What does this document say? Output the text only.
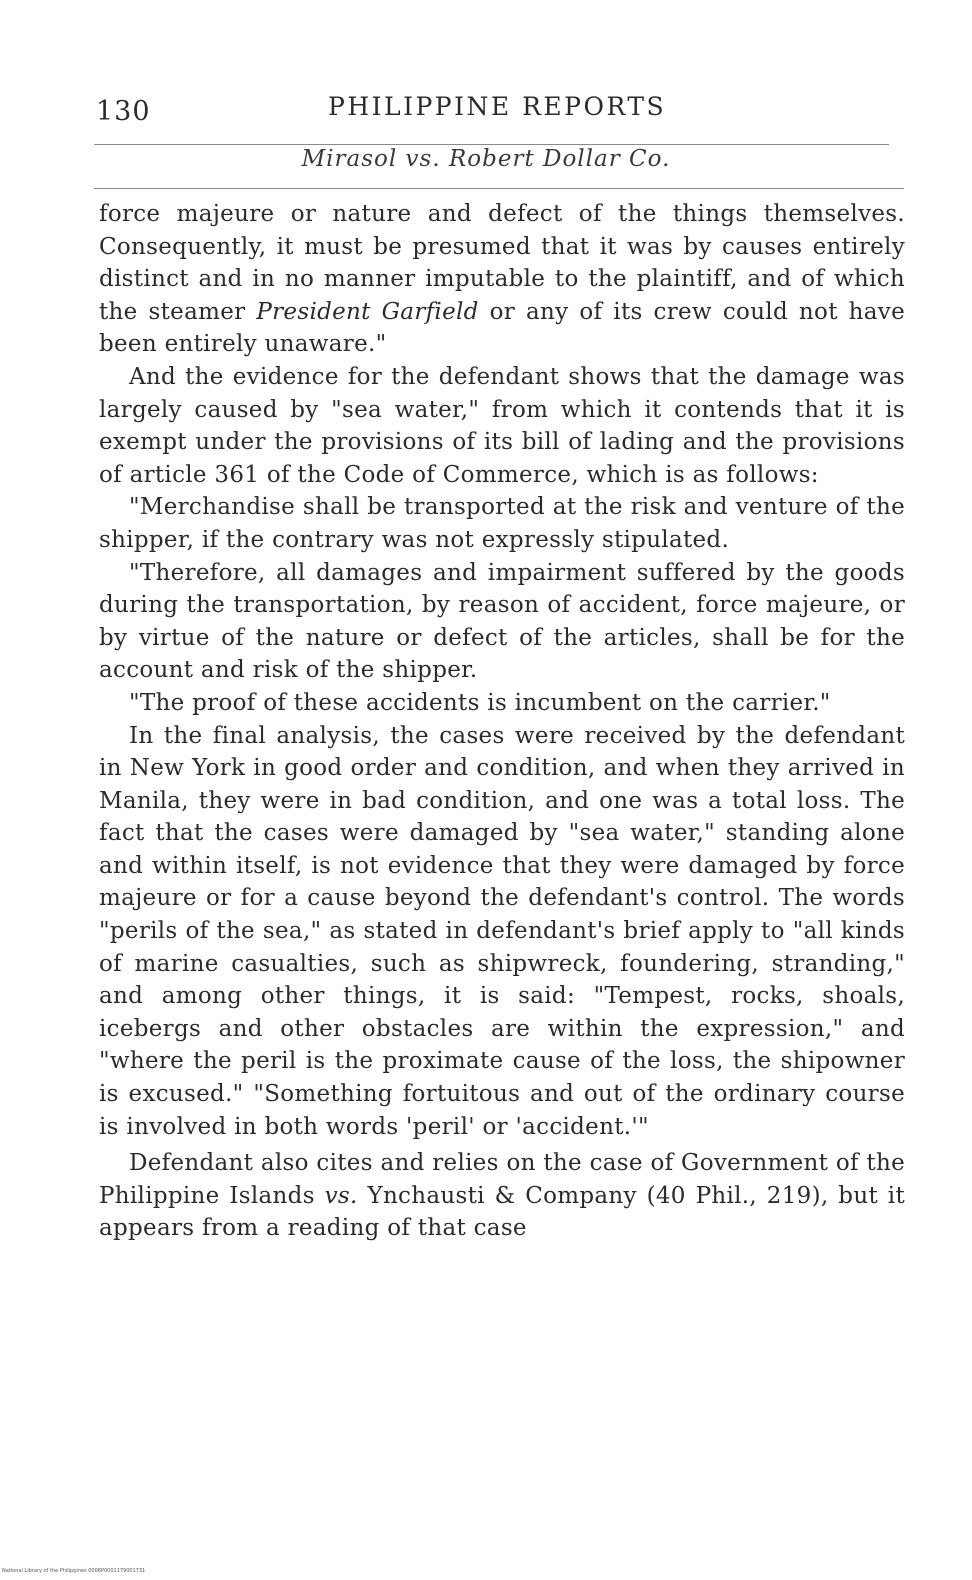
130	PHILIPPINE REPORTS
Mirasol vs. Robert Dollar Co.

force majeure or nature and defect of the things themselves. Consequently, it must be presumed that it was by causes entirely distinct and in no manner imputable to the plaintiff, and of which the steamer President Garfield or any of its crew could not have been entirely unaware."

And the evidence for the defendant shows that the damage was largely caused by "sea water," from which it contends that it is exempt under the provisions of its bill of lading and the provisions of article 361 of the Code of Commerce, which is as follows:

"Merchandise shall be transported at the risk and venture of the shipper, if the contrary was not expressly stipulated.

"Therefore, all damages and impairment suffered by the goods during the transportation, by reason of accident, force majeure, or by virtue of the nature or defect of the articles, shall be for the account and risk of the shipper.

"The proof of these accidents is incumbent on the carrier."

In the final analysis, the cases were received by the defendant in New York in good order and condition, and when they arrived in Manila, they were in bad condition, and one was a total loss. The fact that the cases were damaged by "sea water," standing alone and within itself, is not evidence that they were damaged by force majeure or for a cause beyond the defendant's control. The words "perils of the sea," as stated in defendant's brief apply to "all kinds of marine casualties, such as shipwreck, foundering, stranding," and among other things, it is said: "Tempest, rocks, shoals, icebergs and other obstacles are within the expression," and "where the peril is the proximate cause of the loss, the shipowner is excused." "Something fortuitous and out of the ordinary course is involved in both words 'peril' or 'accident.'"

Defendant also cites and relies on the case of Government of the Philippine Islands vs. Ynchausti & Company (40 Phil., 219), but it appears from a reading of that case

National Library of the Philippines 0008P0001179001731
